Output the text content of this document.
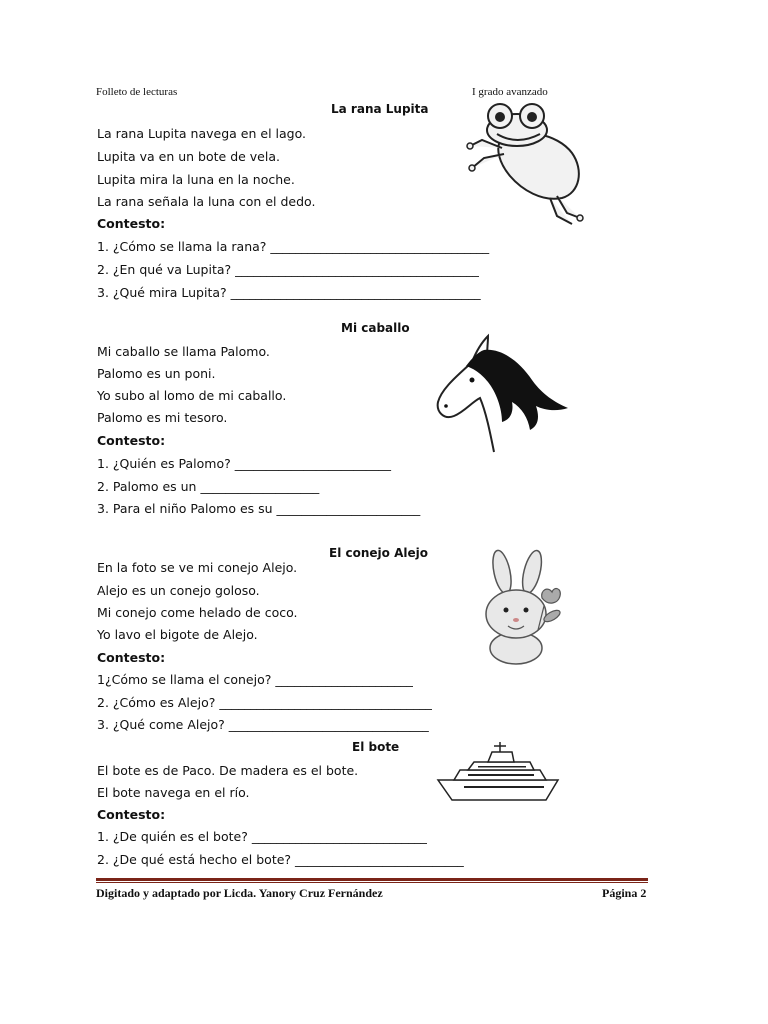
Folleto de lecturas	I grado avanzado
La rana Lupita
La rana Lupita navega en el lago.
Lupita va en un bote de vela.
Lupita mira la luna en la noche.
La rana señala la luna con el dedo.
Contesto:
1. ¿Cómo se llama la rana? ___________________________________
2. ¿En qué va Lupita? _______________________________________
3. ¿Qué mira Lupita? ________________________________________
Mi caballo
Mi caballo se llama Palomo.
Palomo es un poni.
Yo subo al lomo de mi caballo.
Palomo es mi tesoro.
Contesto:
1. ¿Quién es Palomo? _________________________
2. Palomo es un ___________________
3. Para el niño Palomo es su _______________________
El conejo Alejo
En la foto se ve mi conejo Alejo.
Alejo es un conejo goloso.
Mi conejo come helado de coco.
Yo lavo el bigote de Alejo.
Contesto:
1¿Cómo se llama el conejo? ______________________
2. ¿Cómo es Alejo? __________________________________
3. ¿Qué come Alejo? ________________________________
El bote
El bote es de Paco. De madera es el bote.
El bote navega en el río.
Contesto:
1. ¿De quién es el bote? ____________________________
2. ¿De qué está hecho el bote? ___________________________
Digitado y adaptado por Licda. Yanory Cruz Fernández	Página 2
